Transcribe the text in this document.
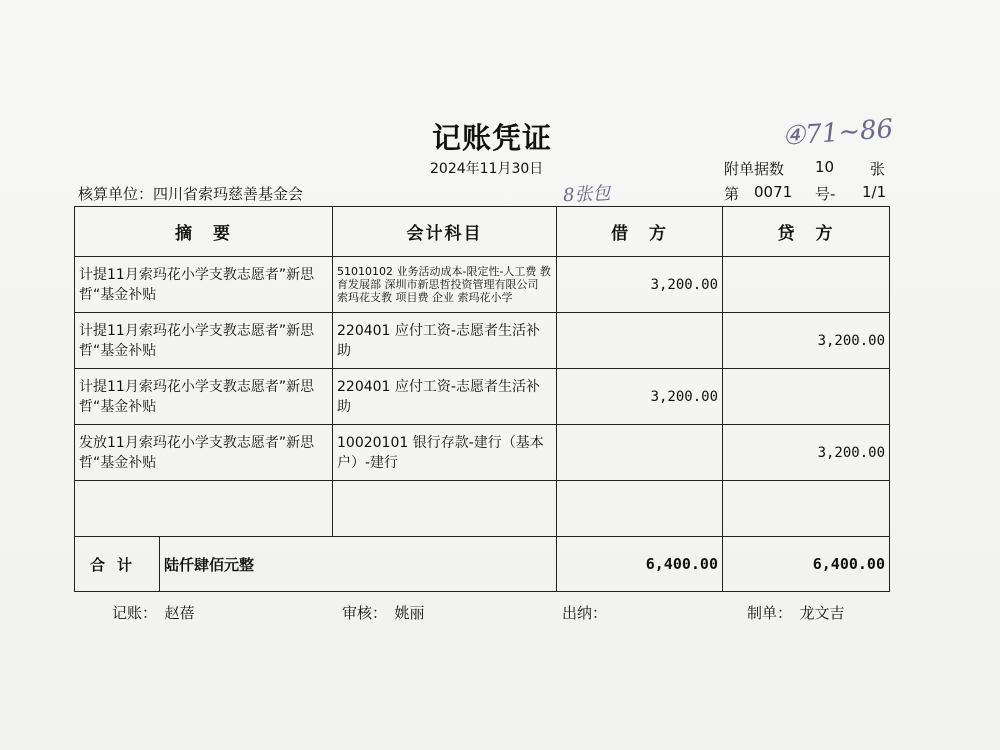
记账凭证	④71~86
2024年11月30日	附单据数 10 张
核算单位：四川省索玛慈善基金会	8张包	第 0071 号- 1/1
摘　要		会计科目	借　方	贷　方
计提11月索玛花小学支教志愿者”新思哲“基金补贴		51010102 业务活动成本-限定性-人工费 教育发展部 深圳市新思哲投资管理有限公司 索玛花支教 项目费 企业 索玛花小学	3,200.00	
计提11月索玛花小学支教志愿者”新思哲“基金补贴		220401 应付工资-志愿者生活补助		3,200.00
计提11月索玛花小学支教志愿者”新思哲“基金补贴		220401 应付工资-志愿者生活补助	3,200.00	
发放11月索玛花小学支教志愿者”新思哲“基金补贴		10020101 银行存款-建行（基本户）-建行		3,200.00

合计	陆仟肆佰元整		6,400.00	6,400.00
记账：　赵蓓	审核：　姚丽	出纳：	制单：　龙文吉
